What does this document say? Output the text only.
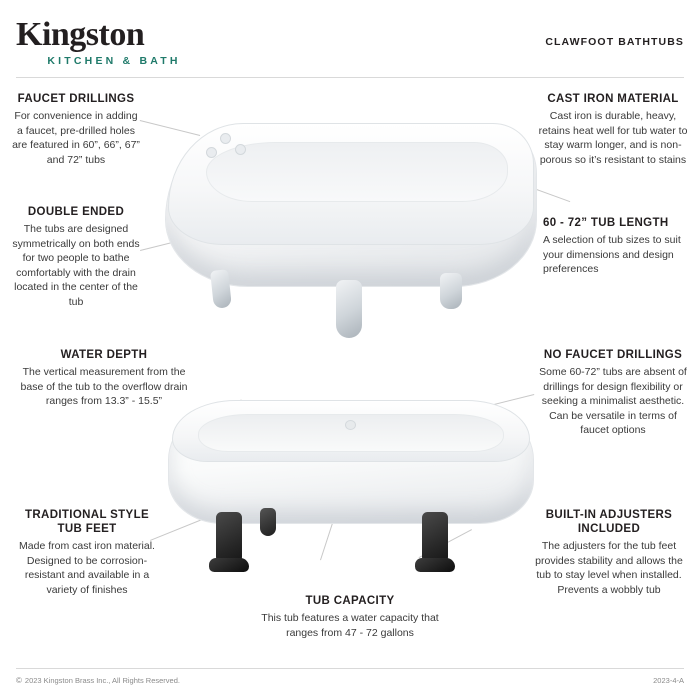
Kingston
KITCHEN & BATH
CLAWFOOT BATHTUBS
FAUCET DRILLINGS
For convenience in adding a faucet, pre-drilled holes are featured in 60”, 66”, 67” and 72” tubs
DOUBLE ENDED
The tubs are designed symmetrically on both ends for two people to bathe comfortably with the drain located in the center of the tub
CAST IRON MATERIAL
Cast iron is durable, heavy, retains heat well for tub water to stay warm longer, and is non-porous so it’s resistant to stains
60 - 72” TUB LENGTH
A selection of tub sizes to suit your dimensions and design preferences
WATER DEPTH
The vertical measurement from the base of the tub to the overflow drain ranges from 13.3” - 15.5”
NO FAUCET DRILLINGS
Some 60-72” tubs are absent of drillings for design flexibility or seeking a minimalist aesthetic. Can be versatile in terms of faucet options
TRADITIONAL STYLE TUB FEET
Made from cast iron material. Designed to be corrosion-resistant and available in a variety of finishes
TUB CAPACITY
This tub features a water capacity that ranges from 47 - 72 gallons
BUILT-IN ADJUSTERS INCLUDED
The adjusters for the tub feet provides stability and allows the tub to stay level when installed. Prevents a wobbly tub
© 2023 Kingston Brass Inc., All Rights Reserved.	2023-4-A
